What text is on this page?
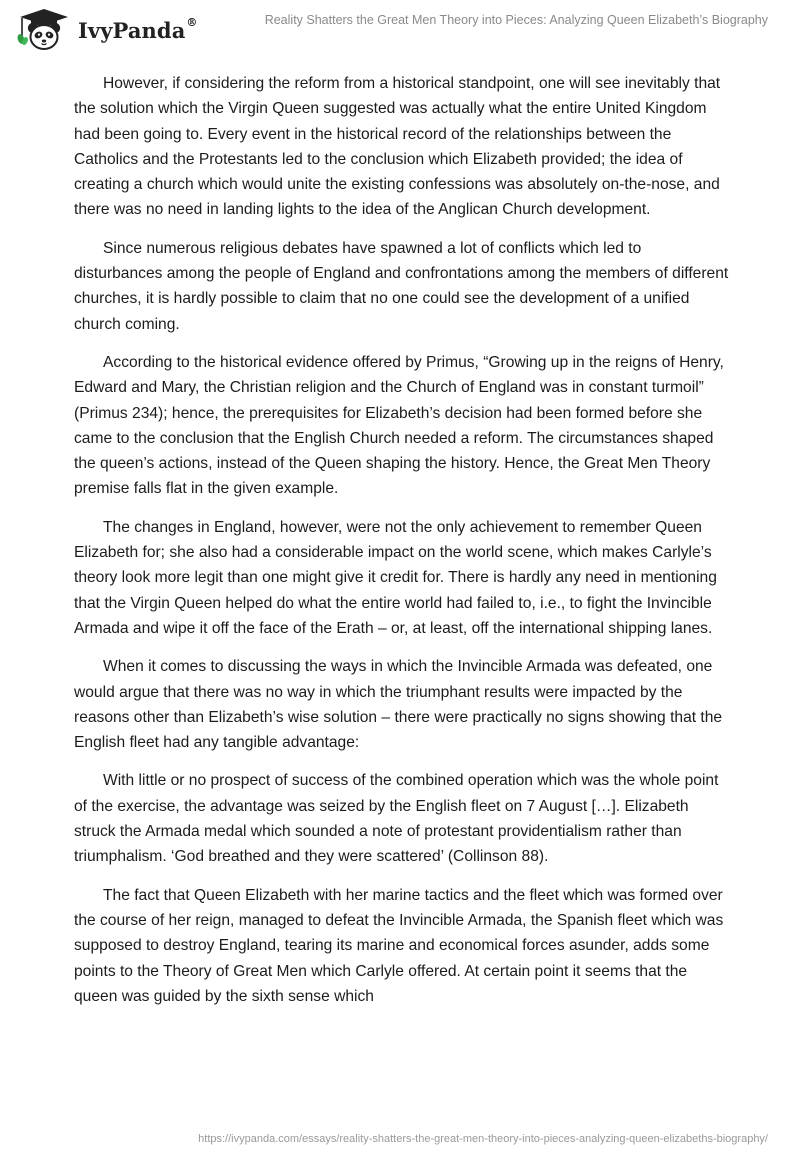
IvyPanda®	Reality Shatters the Great Men Theory into Pieces: Analyzing Queen Elizabeth’s Biography

However, if considering the reform from a historical standpoint, one will see inevitably that the solution which the Virgin Queen suggested was actually what the entire United Kingdom had been going to. Every event in the historical record of the relationships between the Catholics and the Protestants led to the conclusion which Elizabeth provided; the idea of creating a church which would unite the existing confessions was absolutely on-the-nose, and there was no need in landing lights to the idea of the Anglican Church development.

Since numerous religious debates have spawned a lot of conflicts which led to disturbances among the people of England and confrontations among the members of different churches, it is hardly possible to claim that no one could see the development of a unified church coming.

According to the historical evidence offered by Primus, “Growing up in the reigns of Henry, Edward and Mary, the Christian religion and the Church of England was in constant turmoil” (Primus 234); hence, the prerequisites for Elizabeth’s decision had been formed before she came to the conclusion that the English Church needed a reform. The circumstances shaped the queen’s actions, instead of the Queen shaping the history. Hence, the Great Men Theory premise falls flat in the given example.

The changes in England, however, were not the only achievement to remember Queen Elizabeth for; she also had a considerable impact on the world scene, which makes Carlyle’s theory look more legit than one might give it credit for. There is hardly any need in mentioning that the Virgin Queen helped do what the entire world had failed to, i.e., to fight the Invincible Armada and wipe it off the face of the Erath – or, at least, off the international shipping lanes.

When it comes to discussing the ways in which the Invincible Armada was defeated, one would argue that there was no way in which the triumphant results were impacted by the reasons other than Elizabeth’s wise solution – there were practically no signs showing that the English fleet had any tangible advantage:

With little or no prospect of success of the combined operation which was the whole point of the exercise, the advantage was seized by the English fleet on 7 August […]. Elizabeth struck the Armada medal which sounded a note of protestant providentialism rather than triumphalism. ‘God breathed and they were scattered’ (Collinson 88).

The fact that Queen Elizabeth with her marine tactics and the fleet which was formed over the course of her reign, managed to defeat the Invincible Armada, the Spanish fleet which was supposed to destroy England, tearing its marine and economical forces asunder, adds some points to the Theory of Great Men which Carlyle offered. At certain point it seems that the queen was guided by the sixth sense which

https://ivypanda.com/essays/reality-shatters-the-great-men-theory-into-pieces-analyzing-queen-elizabeths-biography/
